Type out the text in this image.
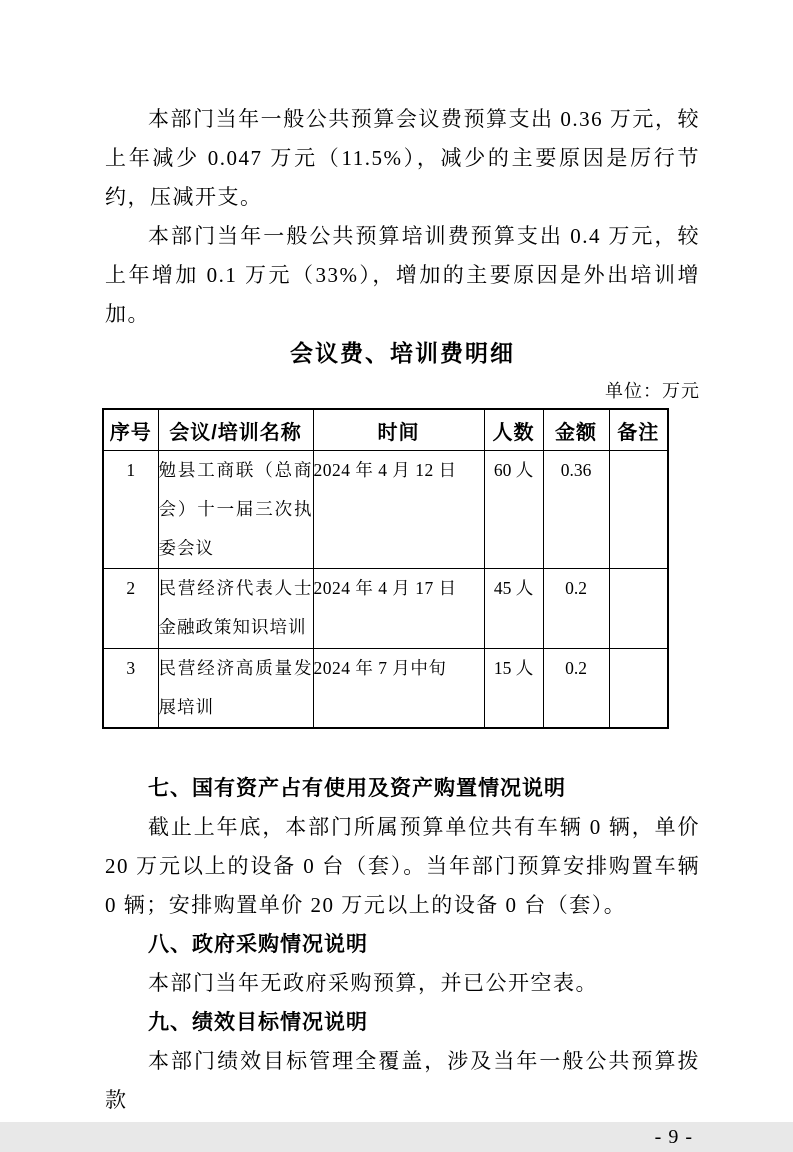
本部门当年一般公共预算会议费预算支出 0.36 万元，较上年减少 0.047 万元（11.5%），减少的主要原因是厉行节约，压减开支。

本部门当年一般公共预算培训费预算支出 0.4 万元，较上年增加 0.1 万元（33%），增加的主要原因是外出培训增加。

会议费、培训费明细
单位：万元
序号	会议/培训名称	时间	人数	金额	备注
1	勉县工商联（总商会）十一届三次执委会议	2024 年 4 月 12 日	60 人	0.36	
2	民营经济代表人士金融政策知识培训	2024 年 4 月 17 日	45 人	0.2	
3	民营经济高质量发展培训	2024 年 7 月中旬	15 人	0.2	
七、国有资产占有使用及资产购置情况说明

截止上年底，本部门所属预算单位共有车辆 0 辆，单价 20 万元以上的设备 0 台（套）。当年部门预算安排购置车辆 0 辆；安排购置单价 20 万元以上的设备 0 台（套）。

八、政府采购情况说明

本部门当年无政府采购预算，并已公开空表。

九、绩效目标情况说明

本部门绩效目标管理全覆盖，涉及当年一般公共预算拨款

- 9 -
